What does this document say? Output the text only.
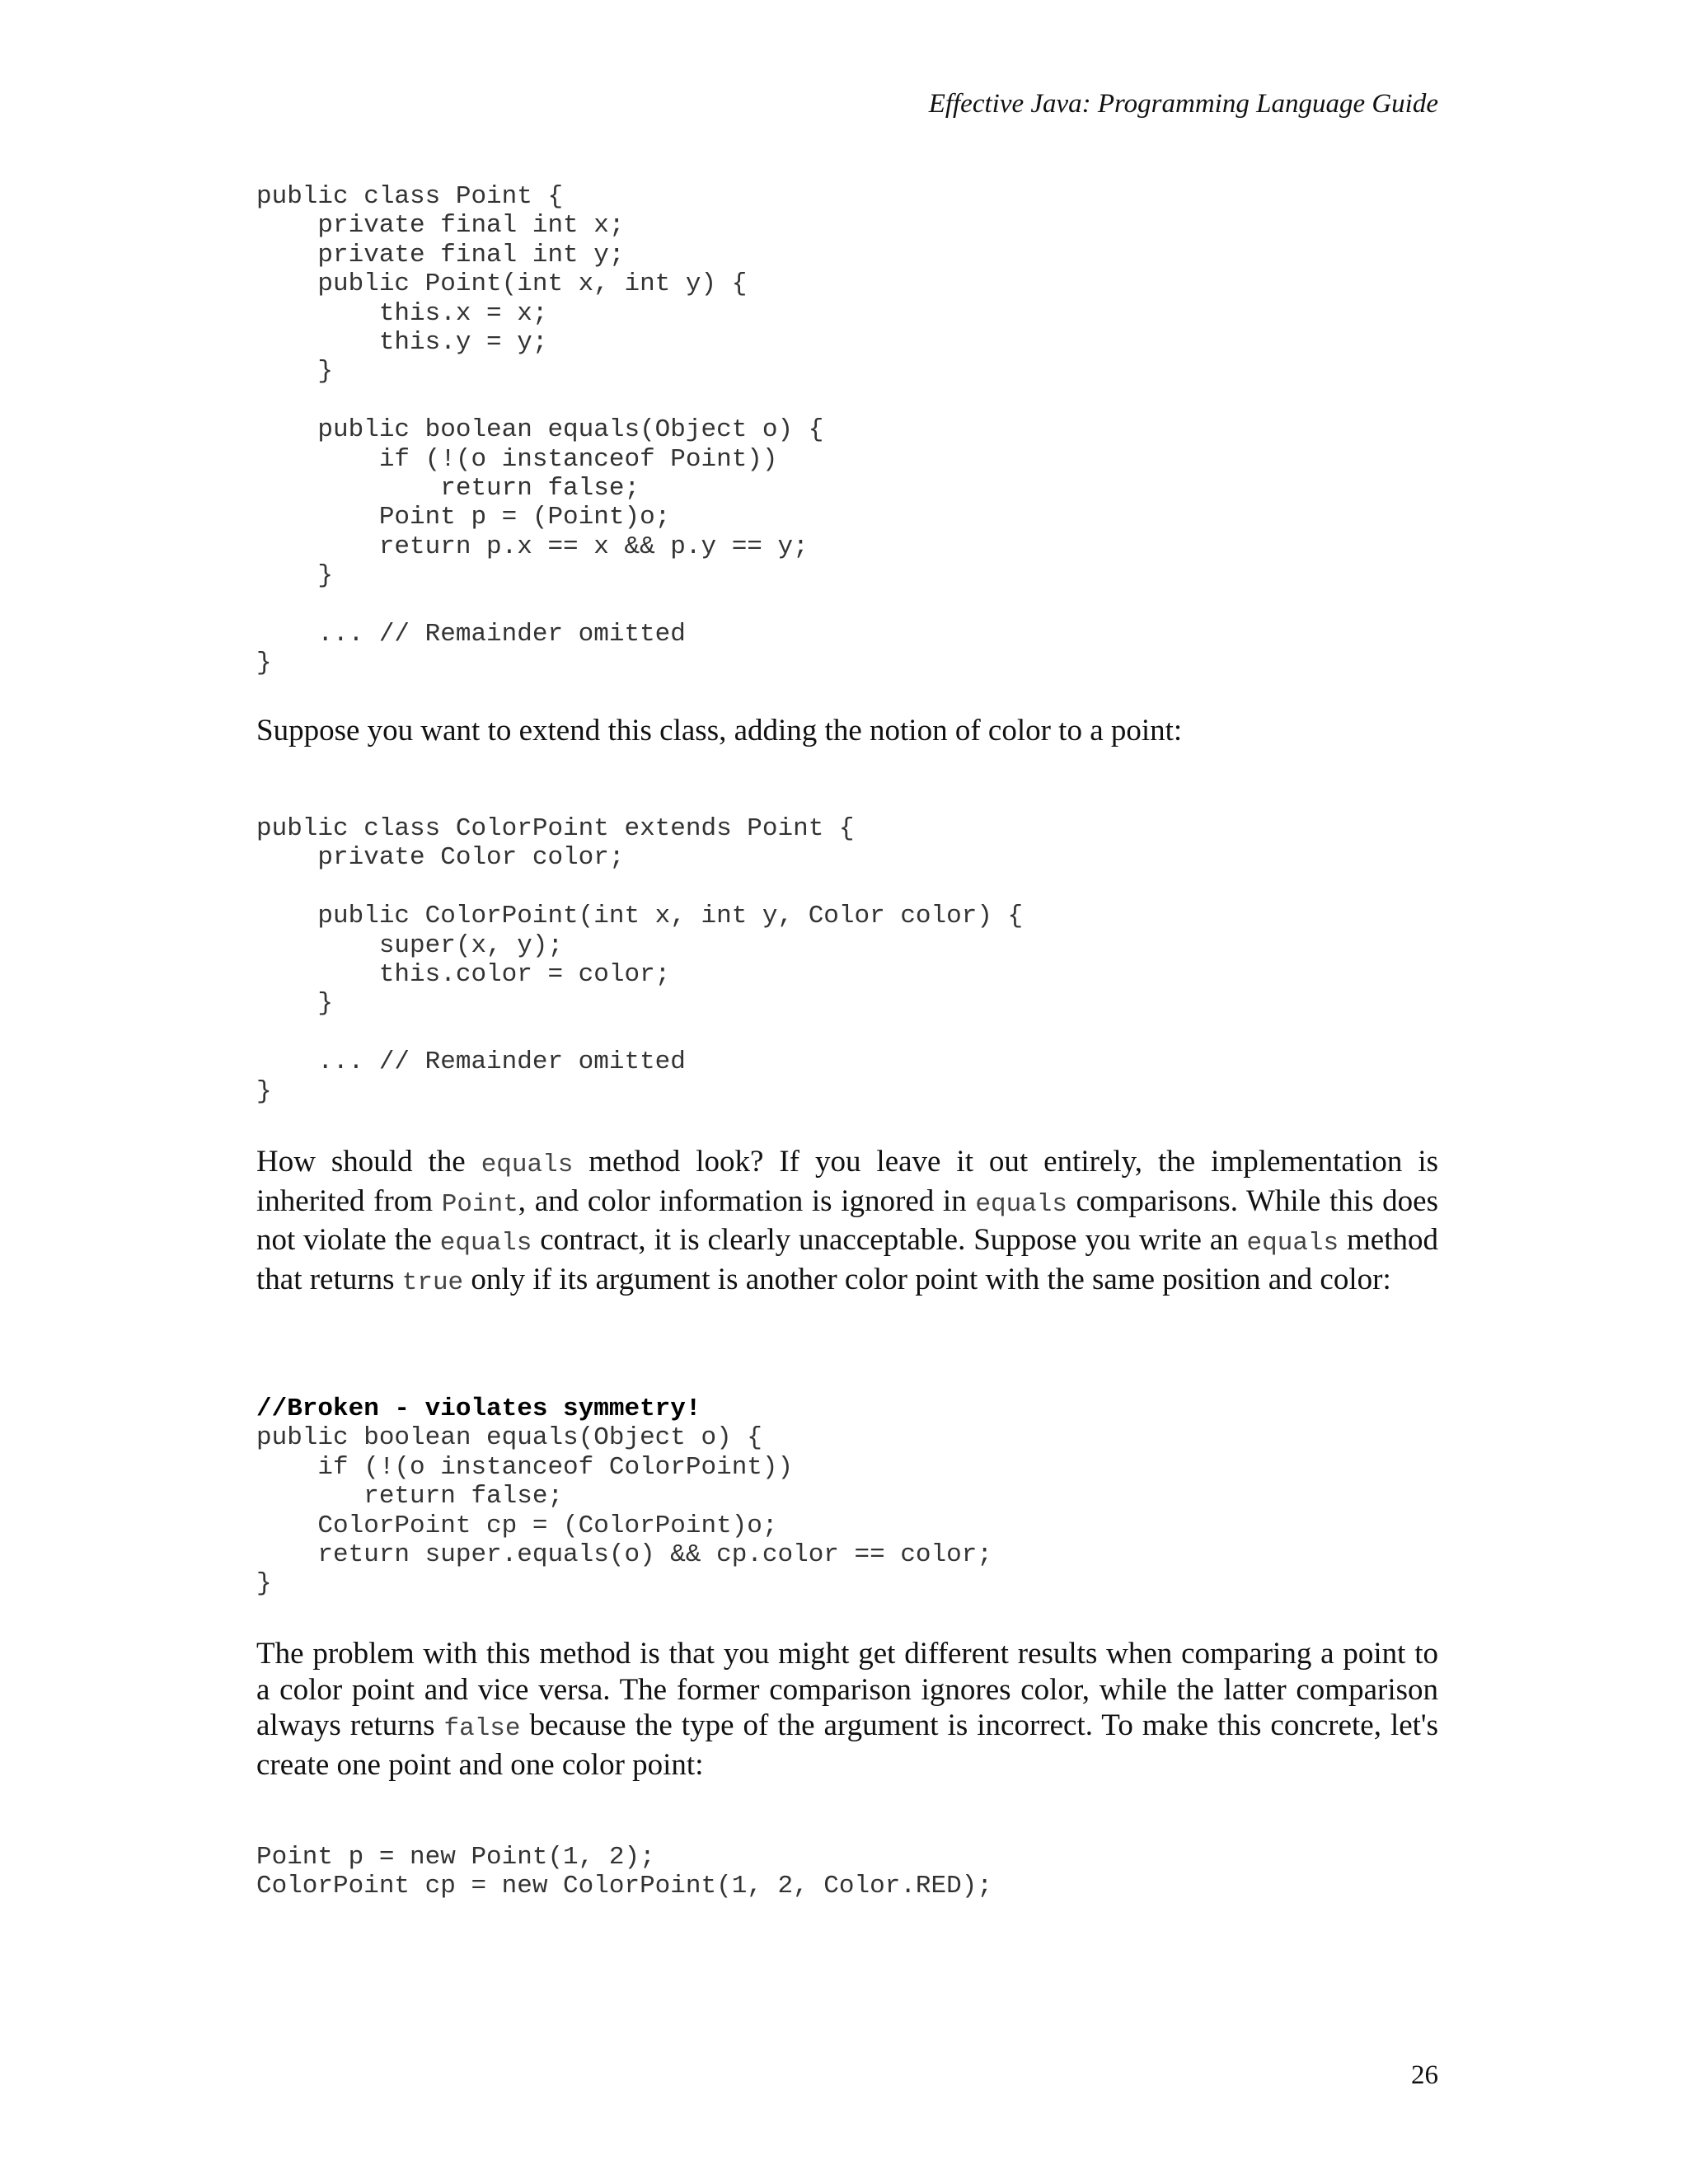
Effective Java: Programming Language Guide
public class Point {
private final int x;
private final int y;
public Point(int x, int y) {
this.x = x;
this.y = y;
}
public boolean equals(Object o) {
if (!(o instanceof Point))
return false;
Point p = (Point)o;
return p.x == x && p.y == y;
}
... // Remainder omitted
}

Suppose you want to extend this class, adding the notion of color to a point:

public class ColorPoint extends Point {
private Color color;
public ColorPoint(int x, int y, Color color) {
super(x, y);
this.color = color;
}
... // Remainder omitted
}

How should the equals method look? If you leave it out entirely, the implementation is inherited from Point, and color information is ignored in equals comparisons. While this does not violate the equals contract, it is clearly unacceptable. Suppose you write an equals method that returns true only if its argument is another color point with the same position and color:

//Broken - violates symmetry!
public boolean equals(Object o) {
if (!(o instanceof ColorPoint))
return false;
ColorPoint cp = (ColorPoint)o;
return super.equals(o) && cp.color == color;
}

The problem with this method is that you might get different results when comparing a point to a color point and vice versa. The former comparison ignores color, while the latter comparison always returns false because the type of the argument is incorrect. To make this concrete, let's create one point and one color point:

Point p = new Point(1, 2);
ColorPoint cp = new ColorPoint(1, 2, Color.RED);
26
